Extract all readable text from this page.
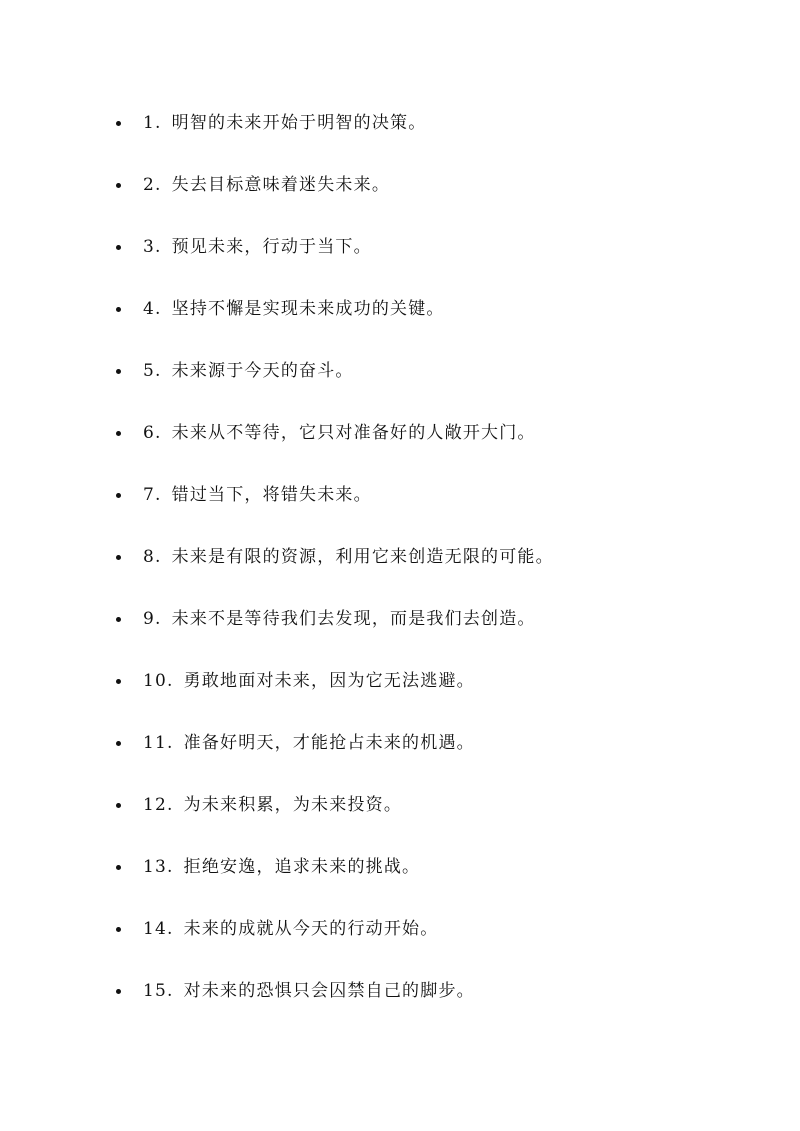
1. 明智的未来开始于明智的决策。
2. 失去目标意味着迷失未来。
3. 预见未来，行动于当下。
4. 坚持不懈是实现未来成功的关键。
5. 未来源于今天的奋斗。
6. 未来从不等待，它只对准备好的人敞开大门。
7. 错过当下，将错失未来。
8. 未来是有限的资源，利用它来创造无限的可能。
9. 未来不是等待我们去发现，而是我们去创造。
10. 勇敢地面对未来，因为它无法逃避。
11. 准备好明天，才能抢占未来的机遇。
12. 为未来积累，为未来投资。
13. 拒绝安逸，追求未来的挑战。
14. 未来的成就从今天的行动开始。
15. 对未来的恐惧只会囚禁自己的脚步。
